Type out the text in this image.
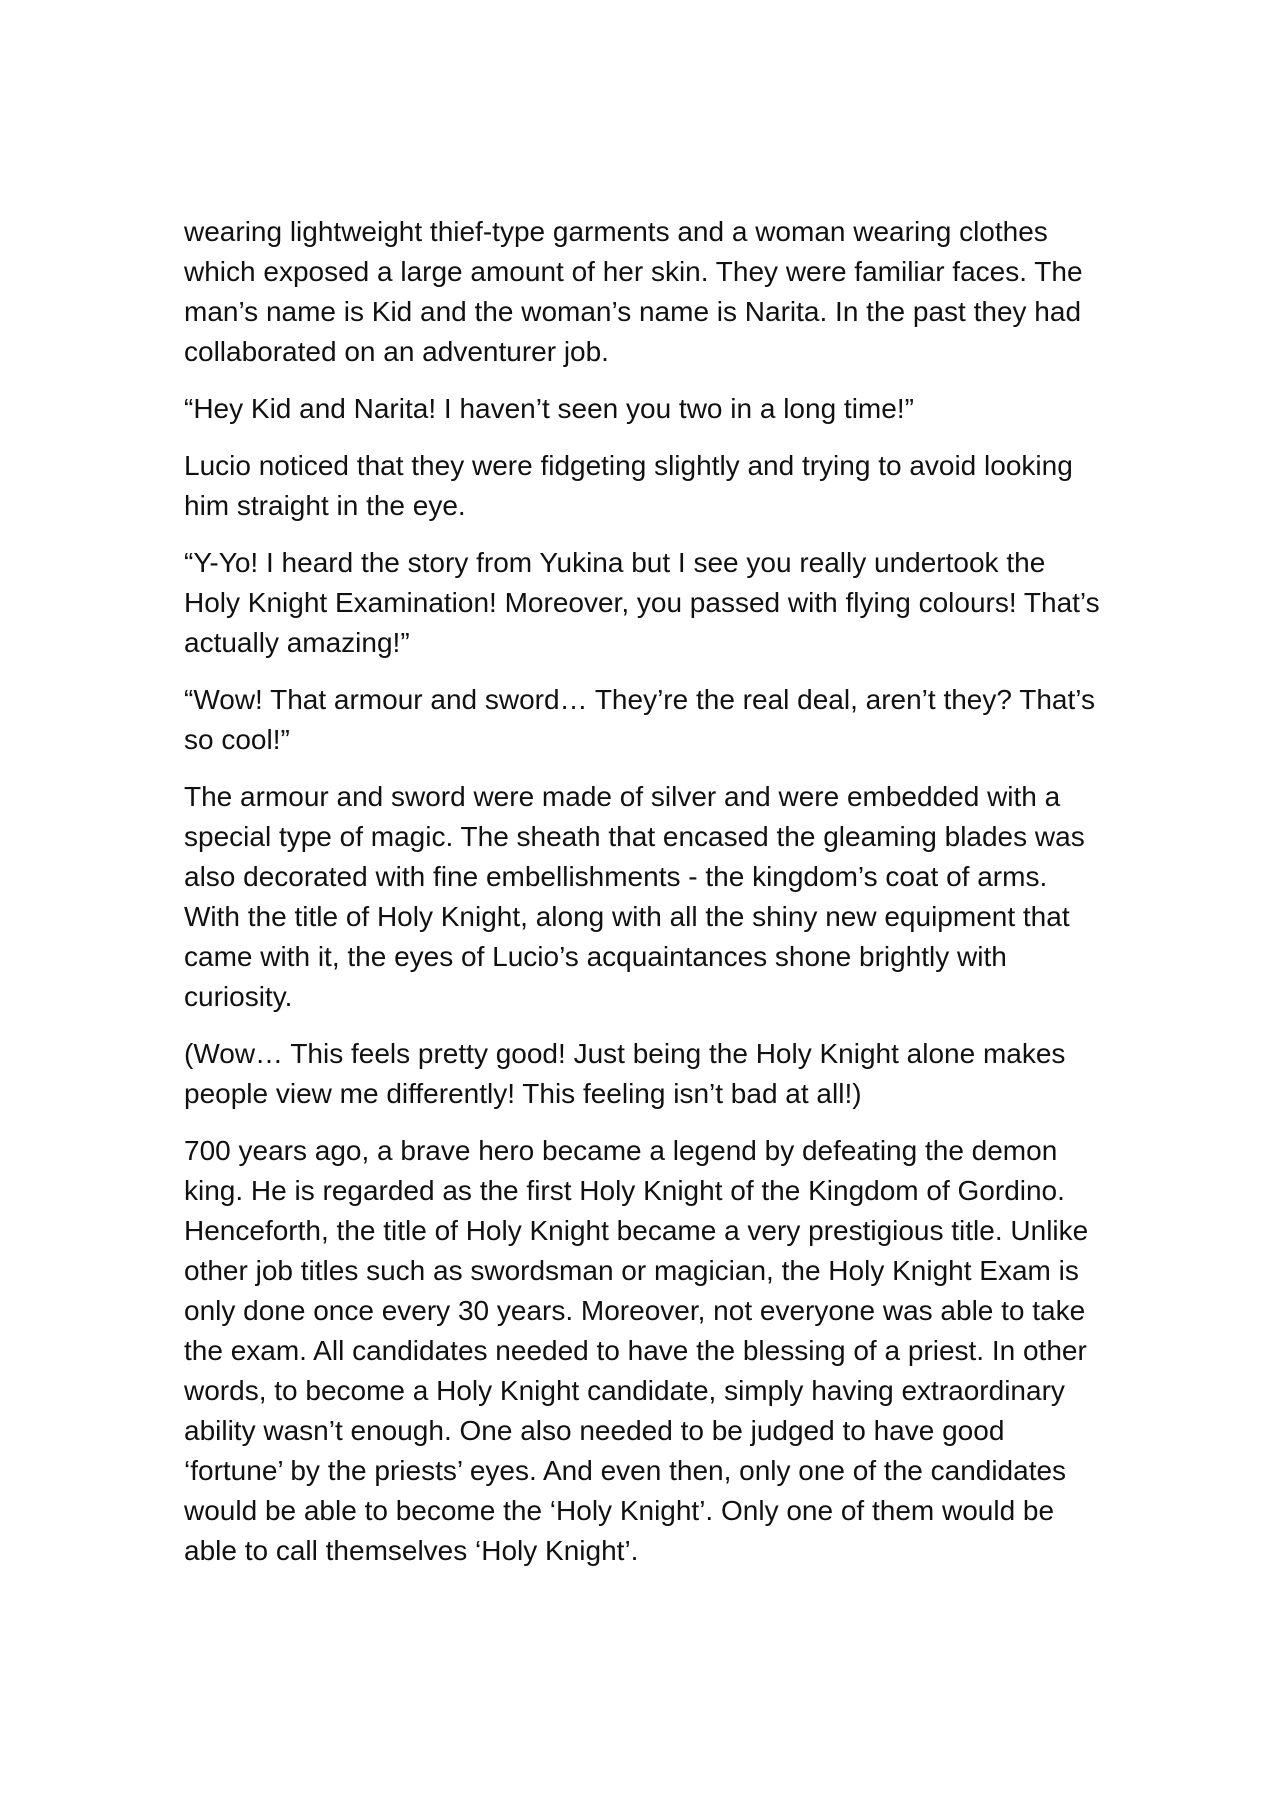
wearing lightweight thief-type garments and a woman wearing clothes which exposed a large amount of her skin. They were familiar faces. The man’s name is Kid and the woman’s name is Narita. In the past they had collaborated on an adventurer job.

“Hey Kid and Narita! I haven’t seen you two in a long time!”

Lucio noticed that they were fidgeting slightly and trying to avoid looking him straight in the eye.

“Y-Yo! I heard the story from Yukina but I see you really undertook the Holy Knight Examination! Moreover, you passed with flying colours! That’s actually amazing!”

“Wow! That armour and sword… They’re the real deal, aren’t they? That’s so cool!”

The armour and sword were made of silver and were embedded with a special type of magic. The sheath that encased the gleaming blades was also decorated with fine embellishments - the kingdom’s coat of arms. With the title of Holy Knight, along with all the shiny new equipment that came with it, the eyes of Lucio’s acquaintances shone brightly with curiosity.

(Wow… This feels pretty good! Just being the Holy Knight alone makes people view me differently! This feeling isn’t bad at all!)

700 years ago, a brave hero became a legend by defeating the demon king. He is regarded as the first Holy Knight of the Kingdom of Gordino. Henceforth, the title of Holy Knight became a very prestigious title. Unlike other job titles such as swordsman or magician, the Holy Knight Exam is only done once every 30 years. Moreover, not everyone was able to take the exam. All candidates needed to have the blessing of a priest. In other words, to become a Holy Knight candidate, simply having extraordinary ability wasn’t enough. One also needed to be judged to have good ‘fortune’ by the priests’ eyes. And even then, only one of the candidates would be able to become the ‘Holy Knight’. Only one of them would be able to call themselves ‘Holy Knight’.
